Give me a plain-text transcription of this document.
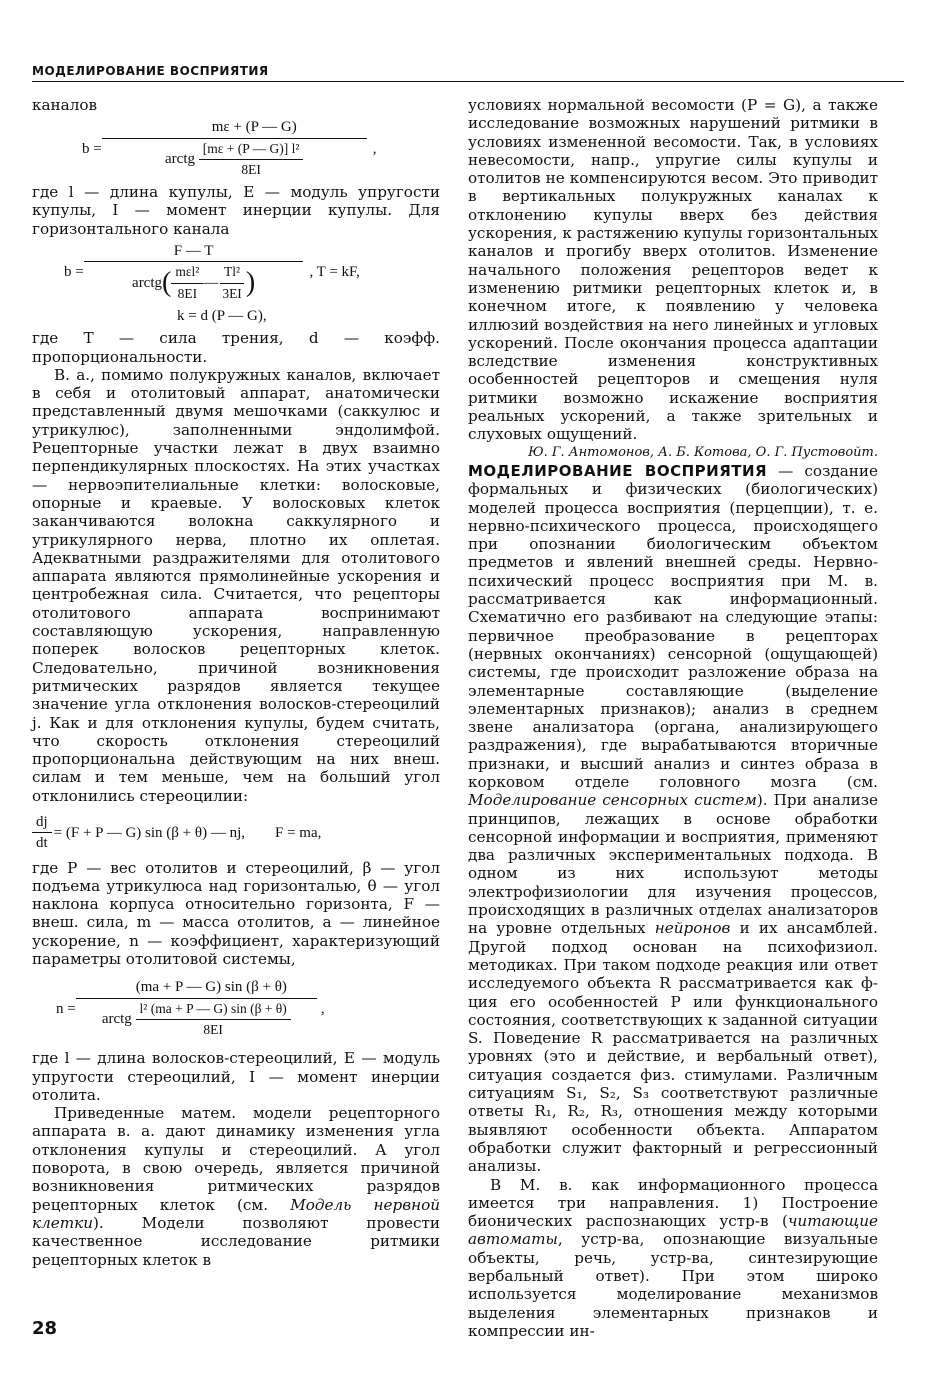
МОДЕЛИРОВАНИЕ ВОСПРИЯТИЯ

каналов

b = mε + (P — G)
arctg
$\frac{\text{[mε + (P — G)] l²}}{8EI}$ ,

где l — длина купулы, E — модуль упругости купулы, I — момент инерции купулы. Для горизонтального канала

b =
F — T
arctg ( $\frac{\text{mεl²}}{8EI}$ — $\frac{\text{Tl²}}{3EI}$ )	, T = kF,
k = d (P — G),

где T — сила трения, d — коэфф. пропорциональности.

В. а., помимо полукружных каналов, включает в себя и отолитовый аппарат, анатомически представленный двумя мешочками (саккулюс и утрикулюс), заполненными эндолимфой. Рецепторные участки лежат в двух взаимно перпендикулярных плоскостях. На этих участках — нервоэпителиальные клетки: волосковые, опорные и краевые. У волосковых клеток заканчиваются волокна саккулярного и утрикулярного нерва, плотно их оплетая. Адекватными раздражителями для отолитового аппарата являются прямолинейные ускорения и центробежная сила. Считается, что рецепторы отолитового аппарата воспринимают составляющую ускорения, направленную поперек волосков рецепторных клеток. Следовательно, причиной возникновения ритмических разрядов является текущее значение угла отклонения волосков-стереоцилий j. Как и для отклонения купулы, будем считать, что скорость отклонения стереоцилий пропорциональна действующим на них внеш. силам и тем меньше, чем на больший угол отклонились стереоцилии:

$\frac{dj}{dt} = (F + P$ — G) sin (β + θ) — nj,	F = ma,

где P — вес отолитов и стереоцилий, β — угол подъема утрикулюса над горизонталью, θ — угол наклона корпуса относительно горизонта, F — внеш. сила, m — масса отолитов, a — линейное ускорение, n — коэффициент, характеризующий параметры отолитовой системы,

n =
(ma + P — G) sin (β + θ)
arctg
$\frac{\text{l² (ma + P — G) sin (β + θ)}}{8EI}$ ,

где l — длина волосков-стереоцилий, E — модуль упругости стереоцилий, I — момент инерции отолита.

Приведенные матем. модели рецепторного аппарата в. а. дают динамику изменения угла отклонения купулы и стереоцилий. А угол поворота, в свою очередь, является причиной возникновения ритмических разрядов рецепторных клеток (см. Модель нервной клетки). Модели позволяют провести качественное исследование ритмики рецепторных клеток в

условиях нормальной весомости (P = G), а также исследование возможных нарушений ритмики в условиях измененной весомости. Так, в условиях невесомости, напр., упругие силы купулы и отолитов не компенсируются весом. Это приводит в вертикальных полукружных каналах к отклонению купулы вверх без действия ускорения, к растяжению купулы горизонтальных каналов и прогибу вверх отолитов. Изменение начального положения рецепторов ведет к изменению ритмики рецепторных клеток и, в конечном итоге, к появлению у человека иллюзий воздействия на него линейных и угловых ускорений. После окончания процесса адаптации вследствие изменения конструктивных особенностей рецепторов и смещения нуля ритмики возможно искажение восприятия реальных ускорений, а также зрительных и слуховых ощущений.

Ю. Г. Антомонов, А. Б. Котова, О. Г. Пустовойт.

МОДЕЛИРОВАНИЕ ВОСПРИЯТИЯ — создание формальных и физических (биологических) моделей процесса восприятия (перцепции), т. е. нервно-психического процесса, происходящего при опознании биологическим объектом предметов и явлений внешней среды. Нервно-психический процесс восприятия при М. в. рассматривается как информационный. Схематично его разбивают на следующие этапы: первичное преобразование в рецепторах (нервных окончаниях) сенсорной (ощущающей) системы, где происходит разложение образа на элементарные составляющие (выделение элементарных признаков); анализ в среднем звене анализатора (органа, анализирующего раздражения), где вырабатываются вторичные признаки, и высший анализ и синтез образа в корковом отделе головного мозга (см. Моделирование сенсорных систем). При анализе принципов, лежащих в основе обработки сенсорной информации и восприятия, применяют два различных экспериментальных подхода. В одном из них используют методы электрофизиологии для изучения процессов, происходящих в различных отделах анализаторов на уровне отдельных нейронов и их ансамблей. Другой подход основан на психофизиол. методиках. При таком подходе реакция или ответ исследуемого объекта R рассматривается как ф-ция его особенностей P или функционального состояния, соответствующих к заданной ситуации S. Поведение R рассматривается на различных уровнях (это и действие, и вербальный ответ), ситуация создается физ. стимулами. Различным ситуациям S₁, S₂, S₃ соответствуют различные ответы R₁, R₂, R₃, отношения между которыми выявляют особенности объекта. Аппаратом обработки служит факторный и регрессионный анализы.

В М. в. как информационного процесса имеется три направления. 1) Построение бионических распознающих устр-в (читающие автоматы, устр-ва, опознающие визуальные объекты, речь, устр-ва, синтезирующие вербальный ответ). При этом широко используется моделирование механизмов выделения элементарных признаков и компрессии ин-

28
